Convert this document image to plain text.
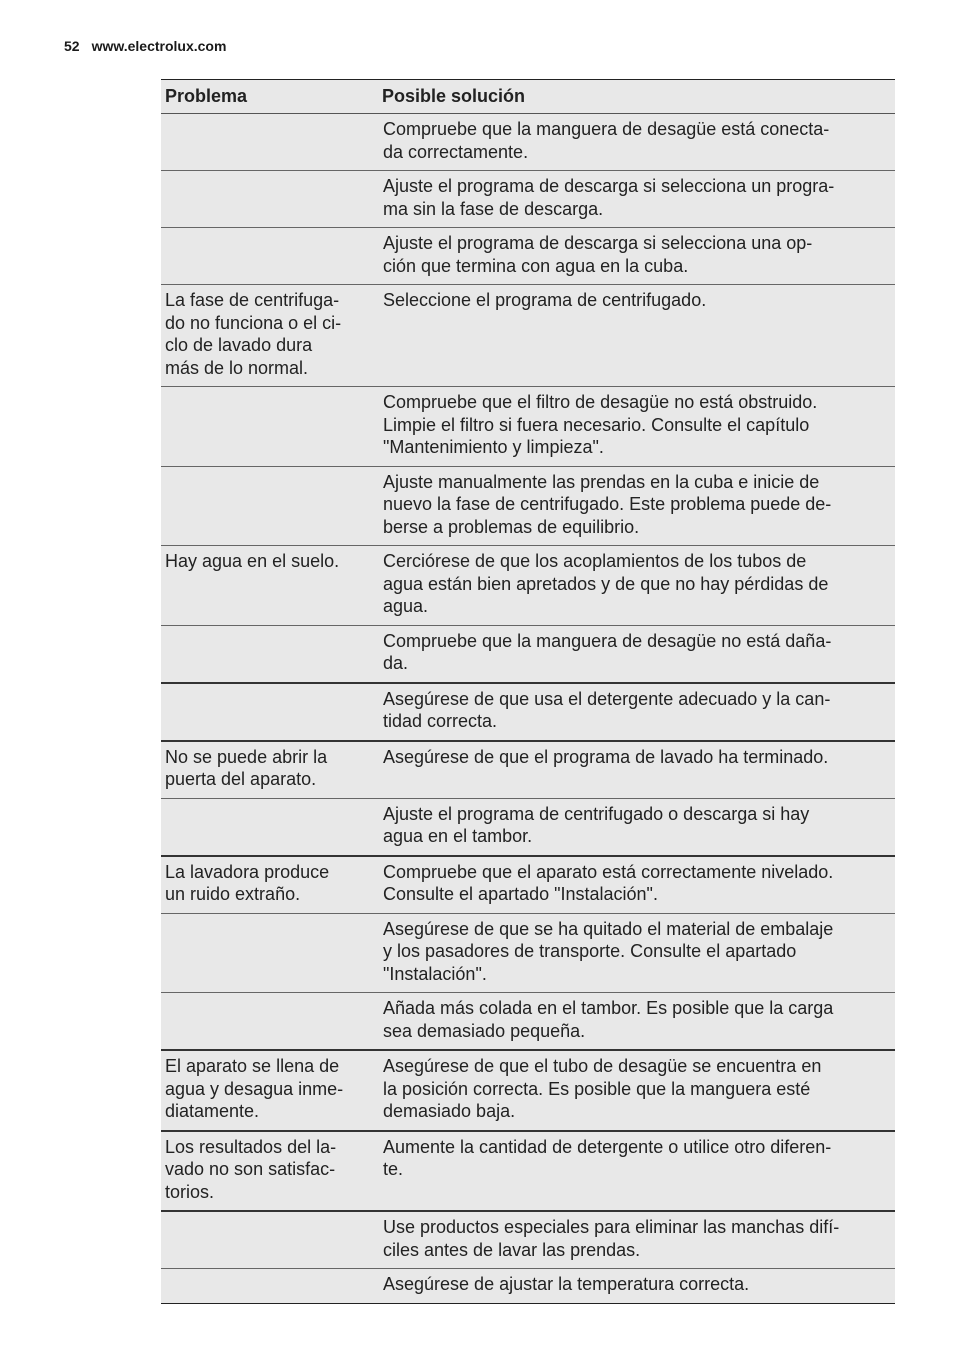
52 www.electrolux.com
Problema	Posible solución

	Compruebe que la manguera de desagüe está conecta-
da correctamente.

	Ajuste el programa de descarga si selecciona un progra-
ma sin la fase de descarga.

	Ajuste el programa de descarga si selecciona una op-
ción que termina con agua en la cuba.

La fase de centrifuga-
do no funciona o el ci-
clo de lavado dura
más de lo normal.	Seleccione el programa de centrifugado.

	Compruebe que el filtro de desagüe no está obstruido.
Limpie el filtro si fuera necesario. Consulte el capítulo
"Mantenimiento y limpieza".

	Ajuste manualmente las prendas en la cuba e inicie de
nuevo la fase de centrifugado. Este problema puede de-
berse a problemas de equilibrio.

Hay agua en el suelo.	Cerciórese de que los acoplamientos de los tubos de
agua están bien apretados y de que no hay pérdidas de
agua.

	Compruebe que la manguera de desagüe no está daña-
da.

	Asegúrese de que usa el detergente adecuado y la can-
tidad correcta.

No se puede abrir la
puerta del aparato.	Asegúrese de que el programa de lavado ha terminado.

	Ajuste el programa de centrifugado o descarga si hay
agua en el tambor.

La lavadora produce
un ruido extraño.	Compruebe que el aparato está correctamente nivelado.
Consulte el apartado "Instalación".

	Asegúrese de que se ha quitado el material de embalaje
y los pasadores de transporte. Consulte el apartado
"Instalación".

	Añada más colada en el tambor. Es posible que la carga
sea demasiado pequeña.

El aparato se llena de
agua y desagua inme-
diatamente.	Asegúrese de que el tubo de desagüe se encuentra en
la posición correcta. Es posible que la manguera esté
demasiado baja.

Los resultados del la-
vado no son satisfac-
torios.	Aumente la cantidad de detergente o utilice otro diferen-
te.

	Use productos especiales para eliminar las manchas difí-
ciles antes de lavar las prendas.

	Asegúrese de ajustar la temperatura correcta.
